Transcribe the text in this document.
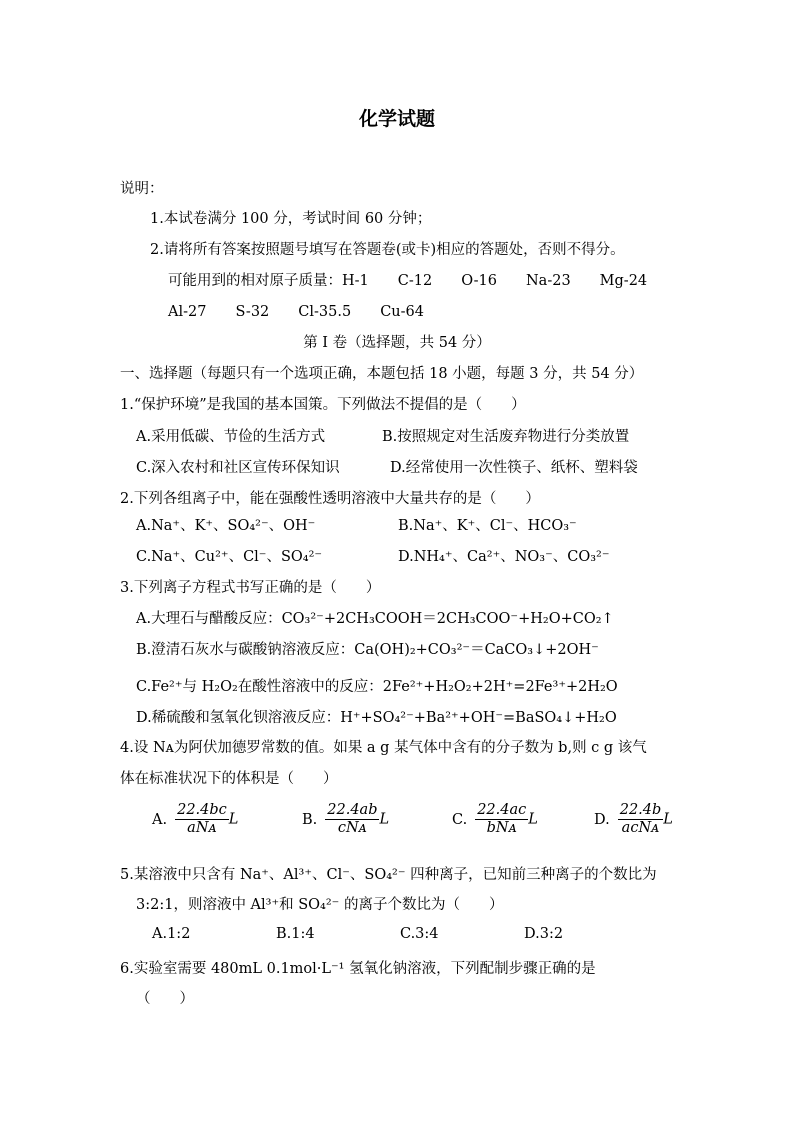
化学试题
说明：
1.本试卷满分 100 分，考试时间 60 分钟；
2.请将所有答案按照题号填写在答题卷(或卡)相应的答题处，否则不得分。
可能用到的相对原子质量：H-1　　C-12　　O-16　　Na-23　　Mg-24
Al-27　　S-32　　Cl-35.5　　Cu-64
第 I 卷（选择题，共 54 分）
一、选择题（每题只有一个选项正确，本题包括 18 小题，每题 3 分，共 54 分）
1.“保护环境”是我国的基本国策。下列做法不提倡的是（　　）
A.采用低碳、节俭的生活方式	B.按照规定对生活废弃物进行分类放置
C.深入农村和社区宣传环保知识	D.经常使用一次性筷子、纸杯、塑料袋
2.下列各组离子中，能在强酸性透明溶液中大量共存的是（　　）
A.Na⁺、K⁺、SO₄²⁻、OH⁻	B.Na⁺、K⁺、Cl⁻、HCO₃⁻
C.Na⁺、Cu²⁺、Cl⁻、SO₄²⁻	D.NH₄⁺、Ca²⁺、NO₃⁻、CO₃²⁻
3.下列离子方程式书写正确的是（　　）
A.大理石与醋酸反应：CO₃²⁻+2CH₃COOH＝2CH₃COO⁻+H₂O+CO₂↑
B.澄清石灰水与碳酸钠溶液反应：Ca(OH)₂+CO₃²⁻＝CaCO₃↓+2OH⁻
C.Fe²⁺与 H₂O₂在酸性溶液中的反应：2Fe²⁺+H₂O₂+2H⁺=2Fe³⁺+2H₂O
D.稀硫酸和氢氧化钡溶液反应：H⁺+SO₄²⁻+Ba²⁺+OH⁻=BaSO₄↓+H₂O
4.设 Nᴀ为阿伏加德罗常数的值。如果 a g 某气体中含有的分子数为 b,则 c g 该气
体在标准状况下的体积是（　　）
A. $\frac{22.4bc}{\text{aNᴀ}}$ L	B. $\frac{22.4ab}{\text{cNᴀ}}$ L	C. $\frac{22.4ac}{\text{bNᴀ}}$ L	D. $\frac{22.4b}{\text{acNᴀ}}$ L
5.某溶液中只含有 Na⁺、Al³⁺、Cl⁻、SO₄²⁻ 四种离子，已知前三种离子的个数比为
3:2:1，则溶液中 Al³⁺和 SO₄²⁻ 的离子个数比为（　　）
A.1:2	B.1:4	C.3:4	D.3:2
6.实验室需要 480mL 0.1mol·L⁻¹ 氢氧化钠溶液，下列配制步骤正确的是
（　　）
